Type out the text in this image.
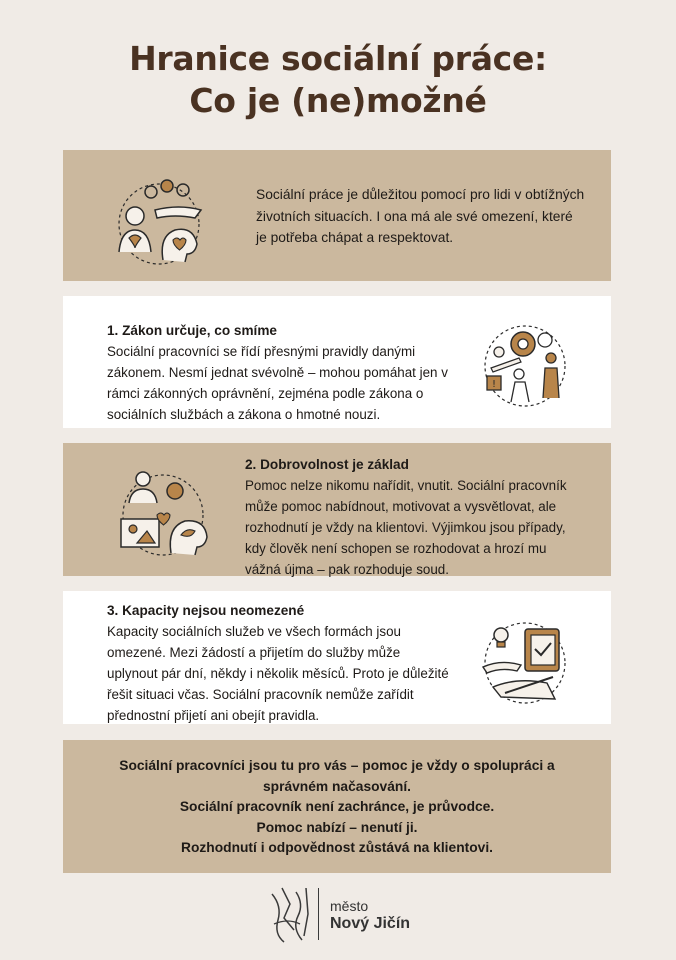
Hranice sociální práce:
Co je (ne)možné
Sociální práce je důležitou pomocí pro lidi v obtížných životních situacích. I ona má ale své omezení, které je potřeba chápat a respektovat.
1. Zákon určuje, co smíme

Sociální pracovníci se řídí přesnými pravidly danými zákonem. Nesmí jednat svévolně – mohou pomáhat jen v rámci zákonných oprávnění, zejména podle zákona o sociálních službách a zákona o hmotné nouzi.

!
2. Dobrovolnost je základ

Pomoc nelze nikomu nařídit, vnutit. Sociální pracovník může pomoc nabídnout, motivovat a vysvětlovat, ale rozhodnutí je vždy na klientovi. Výjimkou jsou případy, kdy člověk není schopen se rozhodovat a hrozí mu vážná újma – pak rozhoduje soud.

3. Kapacity nejsou neomezené

Kapacity sociálních služeb ve všech formách jsou omezené. Mezi žádostí a přijetím do služby může uplynout pár dní, někdy i několik měsíců. Proto je důležité řešit situaci včas. Sociální pracovník nemůže zařídit přednostní přijetí ani obejít pravidla.

Sociální pracovníci jsou tu pro vás – pomoc je vždy o spolupráci a správném načasování.
Sociální pracovník není zachránce, je průvodce.
Pomoc nabízí – nenutí ji.
Rozhodnutí i odpovědnost zůstává na klientovi.
město
Nový Jičín
